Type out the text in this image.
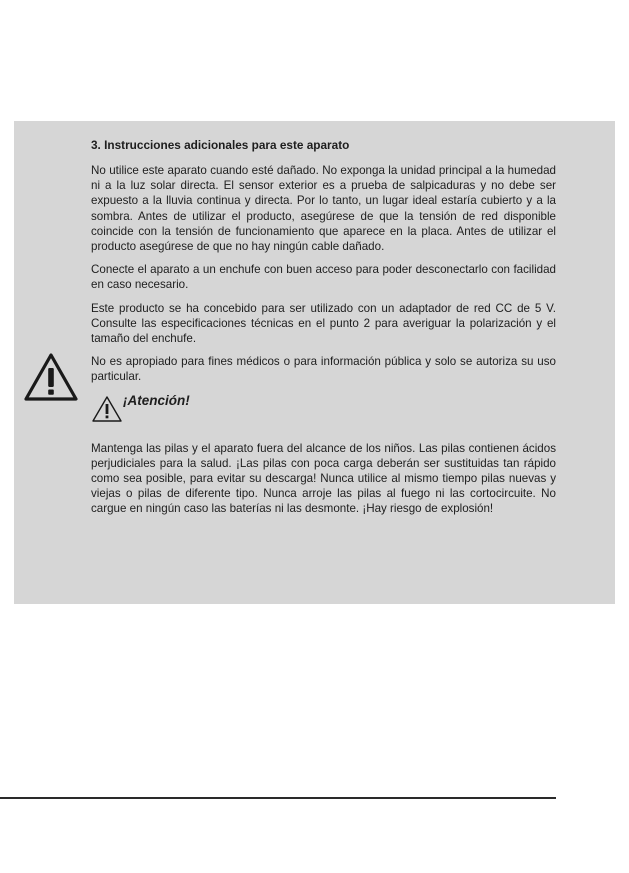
3. Instrucciones adicionales para este aparato

No utilice este aparato cuando esté dañado. No exponga la unidad principal a la humedad ni a la luz solar directa. El sensor exterior es a prueba de salpicaduras y no debe ser expuesto a la lluvia continua y directa. Por lo tanto, un lugar ideal estaría cubierto y a la sombra. Antes de utilizar el producto, asegúrese de que la tensión de red disponible coincide con la tensión de funcionamiento que aparece en la placa. Antes de utilizar el producto asegúrese de que no hay ningún cable dañado.

Conecte el aparato a un enchufe con buen acceso para poder desconectarlo con facilidad en caso necesario.

Este producto se ha concebido para ser utilizado con un adaptador de red CC de 5 V. Consulte las especificaciones técnicas en el punto 2 para averiguar la polarización y el tamaño del enchufe.

No es apropiado para fines médicos o para información pública y solo se autoriza su uso particular.

¡Atención!

Mantenga las pilas y el aparato fuera del alcance de los niños. Las pilas contienen ácidos perjudiciales para la salud. ¡Las pilas con poca carga deberán ser sustituidas tan rápido como sea posible, para evitar su descarga! Nunca utilice al mismo tiempo pilas nuevas y viejas o pilas de diferente tipo. Nunca arroje las pilas al fuego ni las cortocircuite. No cargue en ningún caso las baterías ni las desmonte. ¡Hay riesgo de explosión!
